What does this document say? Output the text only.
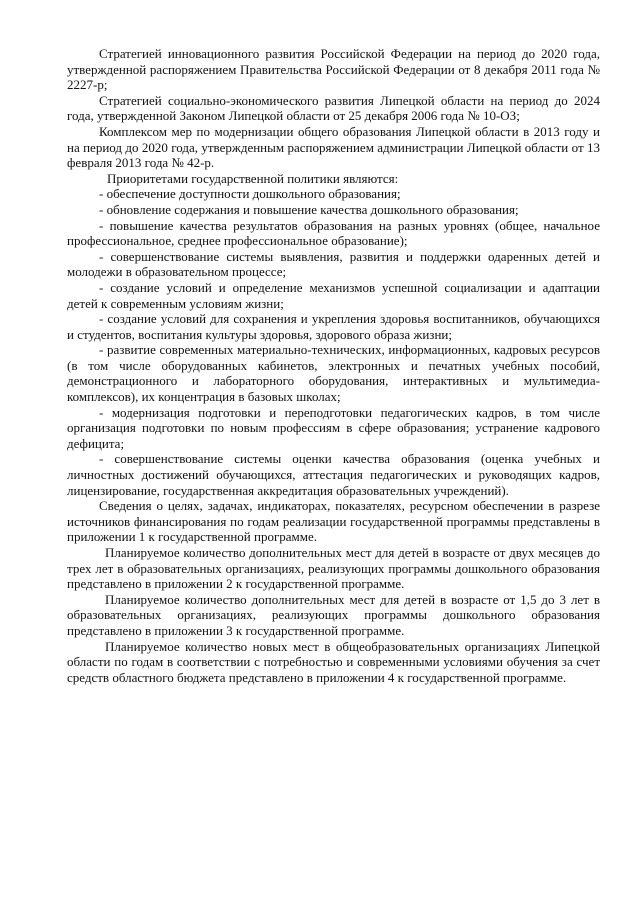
Стратегией инновационного развития Российской Федерации на период до 2020 года, утвержденной распоряжением Правительства Российской Федерации от 8 декабря 2011 года № 2227-р;

Стратегией социально-экономического развития Липецкой области на период до 2024 года, утвержденной Законом Липецкой области от 25 декабря 2006 года № 10-ОЗ;

Комплексом мер по модернизации общего образования Липецкой области в 2013 году и на период до 2020 года, утвержденным распоряжением администрации Липецкой области от 13 февраля 2013 года № 42-р.

Приоритетами государственной политики являются:

- обеспечение доступности дошкольного образования;

- обновление содержания и повышение качества дошкольного образования;

- повышение качества результатов образования на разных уровнях (общее, начальное профессиональное, среднее профессиональное образование);

- совершенствование системы выявления, развития и поддержки одаренных детей и молодежи в образовательном процессе;

- создание условий и определение механизмов успешной социализации и адаптации детей к современным условиям жизни;

- создание условий для сохранения и укрепления здоровья воспитанников, обучающихся и студентов, воспитания культуры здоровья, здорового образа жизни;

- развитие современных материально-технических, информационных, кадровых ресурсов (в том числе оборудованных кабинетов, электронных и печатных учебных пособий, демонстрационного и лабораторного оборудования, интерактивных и мультимедиа-комплексов), их концентрация в базовых школах;

- модернизация подготовки и переподготовки педагогических кадров, в том числе организация подготовки по новым профессиям в сфере образования; устранение кадрового дефицита;

- совершенствование системы оценки качества образования (оценка учебных и личностных достижений обучающихся, аттестация педагогических и руководящих кадров, лицензирование, государственная аккредитация образовательных учреждений).

Сведения о целях, задачах, индикаторах, показателях, ресурсном обеспечении в разрезе источников финансирования по годам реализации государственной программы представлены в приложении 1 к государственной программе.

Планируемое количество дополнительных мест для детей в возрасте от двух месяцев до трех лет в образовательных организациях, реализующих программы дошкольного образования представлено в приложении 2 к государственной программе.

Планируемое количество дополнительных мест для детей в возрасте от 1,5 до 3 лет в образовательных организациях, реализующих программы дошкольного образования представлено в приложении 3 к государственной программе.

Планируемое количество новых мест в общеобразовательных организациях Липецкой области по годам в соответствии с потребностью и современными условиями обучения за счет средств областного бюджета представлено в приложении 4 к государственной программе.
